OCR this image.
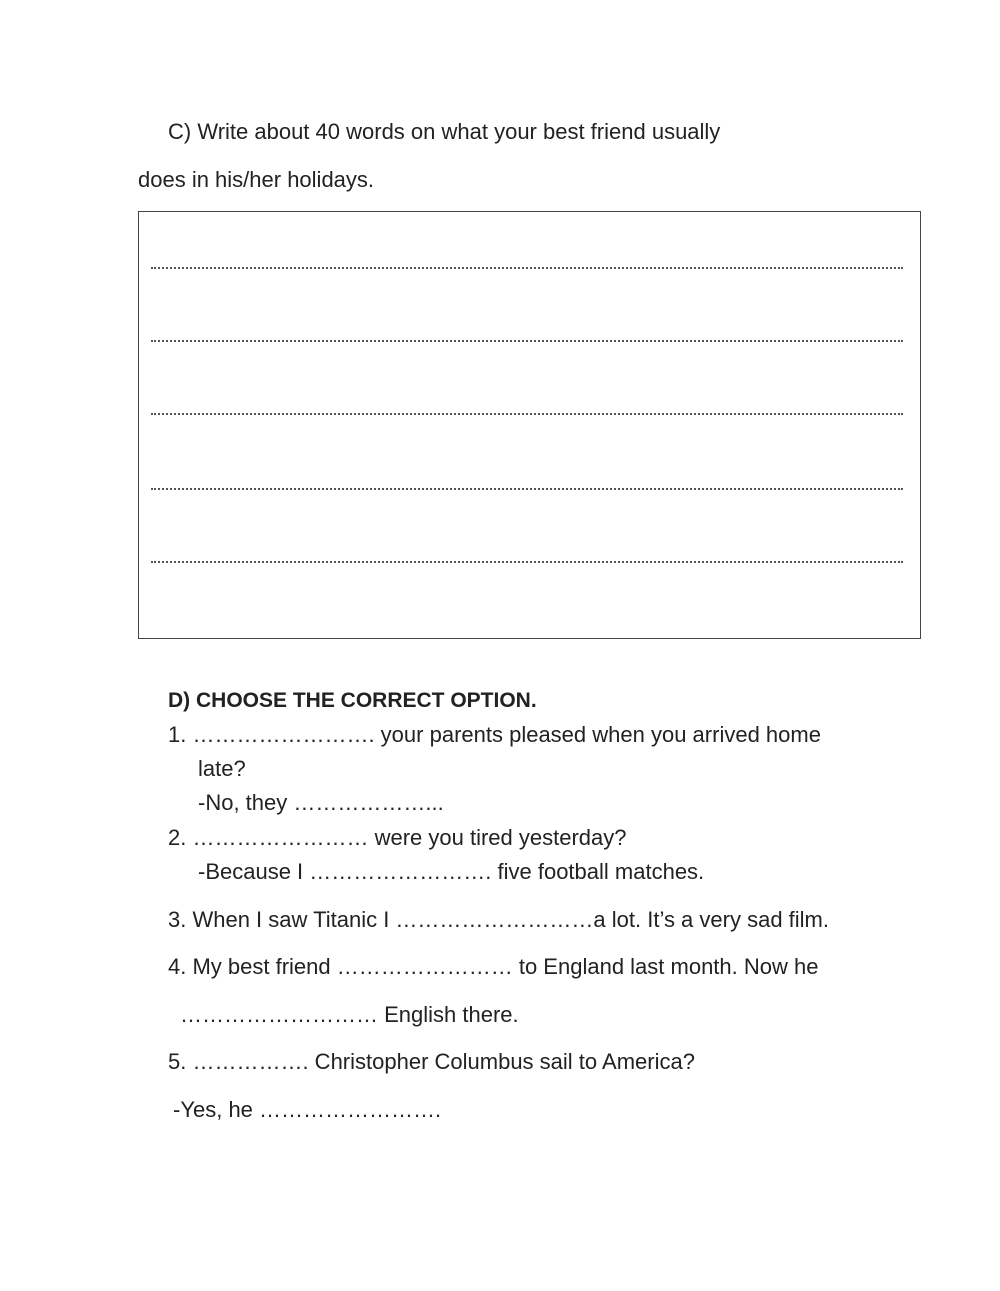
C) Write about 40 words on what your best friend usually
does in his/her holidays.
D) CHOOSE THE CORRECT OPTION.
1. ……………………. your parents pleased when you arrived home
late?
-No, they ………………...
2. …………………… were you tired yesterday?
-Because I ……………………. five football matches.
3. When I saw Titanic I ………………………a lot. It’s a very sad film.
4. My best friend …………………… to England last month. Now he
……………………… English there.
5. ……………. Christopher Columbus sail to America?
-Yes, he …………………….
